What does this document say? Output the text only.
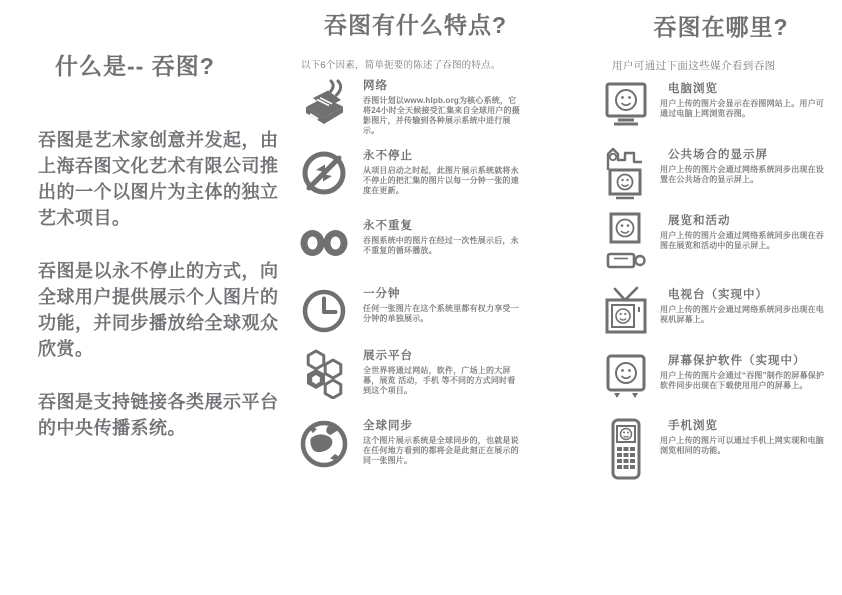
什么是-- 吞图?

吞图是艺术家创意并发起，由上海吞图文化艺术有限公司推出的一个以图片为主体的独立艺术项目。

吞图是以永不停止的方式，向全球用户提供展示个人图片的功能，并同步播放给全球观众欣赏。

吞图是支持链接各类展示平台的中央传播系统。

吞图有什么特点?
以下6个因素，简单扼要的陈述了吞图的特点。
网络
吞图计划以www.hlpb.org为核心系统，它将24小时全天候接受汇集来自全球用户的摄影图片，并传输到各种展示系统中进行展示。
永不停止
从项目启动之时起，此图片展示系统就将永不停止的把汇集的图片以每一分钟一张的速度在更新。
永不重复
吞图系统中的图片在经过一次性展示后，永不重复的循环播放。
一分钟
任何一张图片在这个系统里都有权力享受一分钟的单独展示。
展示平台
全世界将通过网站，软件，广场上的大屏幕，展览 活动，手机 等不同的方式同时看到这个项目。
全球同步
这个图片展示系统是全球同步的，也就是说在任何地方看到的都将会是此刻正在展示的同一张图片。
吞图在哪里?
用户可通过下面这些媒介看到吞图
电脑浏览
用户上传的图片会显示在吞图网站上。用户可通过电脑上网浏览吞图。
公共场合的显示屏
用户上传的图片会通过网络系统同步出现在设置在公共场合的显示屏上。
展览和活动
用户上传的图片会通过网络系统同步出现在吞图在展览和活动中的显示屏上。
电视台（实现中）
用户上传的图片会通过网络系统同步出现在电视机屏幕上。
屏幕保护软件（实现中）
用户上传的图片会通过“吞图”制作的屏幕保护软件同步出现在下载使用用户的屏幕上。
手机浏览
用户上传的图片可以通过手机上网实现和电脑浏览相同的功能。
